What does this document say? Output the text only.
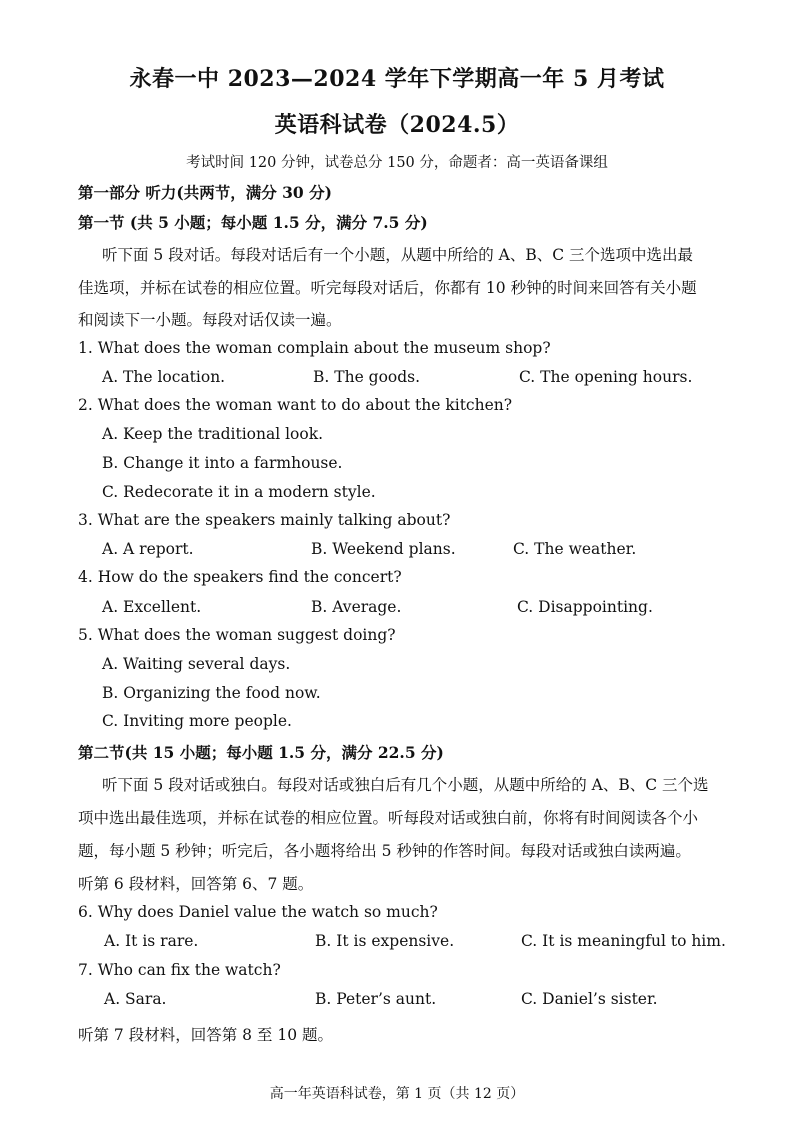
永春一中 2023—2024 学年下学期高一年 5 月考试
英语科试卷（2024.5）
考试时间 120 分钟，试卷总分 150 分，命题者：高一英语备课组
第一部分 听力(共两节，满分 30 分)
第一节 (共 5 小题；每小题 1.5 分，满分 7.5 分)
听下面 5 段对话。每段对话后有一个小题，从题中所给的 A、B、C 三个选项中选出最
佳选项，并标在试卷的相应位置。听完每段对话后，你都有 10 秒钟的时间来回答有关小题
和阅读下一小题。每段对话仅读一遍。
1. What does the woman complain about the museum shop?
A. The location.	B. The goods.	C. The opening hours.
2. What does the woman want to do about the kitchen?
A. Keep the traditional look.
B. Change it into a farmhouse.
C. Redecorate it in a modern style.
3. What are the speakers mainly talking about?
A. A report.	B. Weekend plans.	C. The weather.
4. How do the speakers find the concert?
A. Excellent.	B. Average.	C. Disappointing.
5. What does the woman suggest doing?
A. Waiting several days.
B. Organizing the food now.
C. Inviting more people.
第二节(共 15 小题；每小题 1.5 分，满分 22.5 分)
听下面 5 段对话或独白。每段对话或独白后有几个小题，从题中所给的 A、B、C 三个选
项中选出最佳选项，并标在试卷的相应位置。听每段对话或独白前，你将有时间阅读各个小
题，每小题 5 秒钟；听完后，各小题将给出 5 秒钟的作答时间。每段对话或独白读两遍。
听第 6 段材料，回答第 6、7 题。
6. Why does Daniel value the watch so much?
A. It is rare.	B. It is expensive.	C. It is meaningful to him.
7. Who can fix the watch?
A. Sara.	B. Peter’s aunt.	C. Daniel’s sister.
听第 7 段材料，回答第 8 至 10 题。
高一年英语科试卷，第 1 页（共 12 页）
